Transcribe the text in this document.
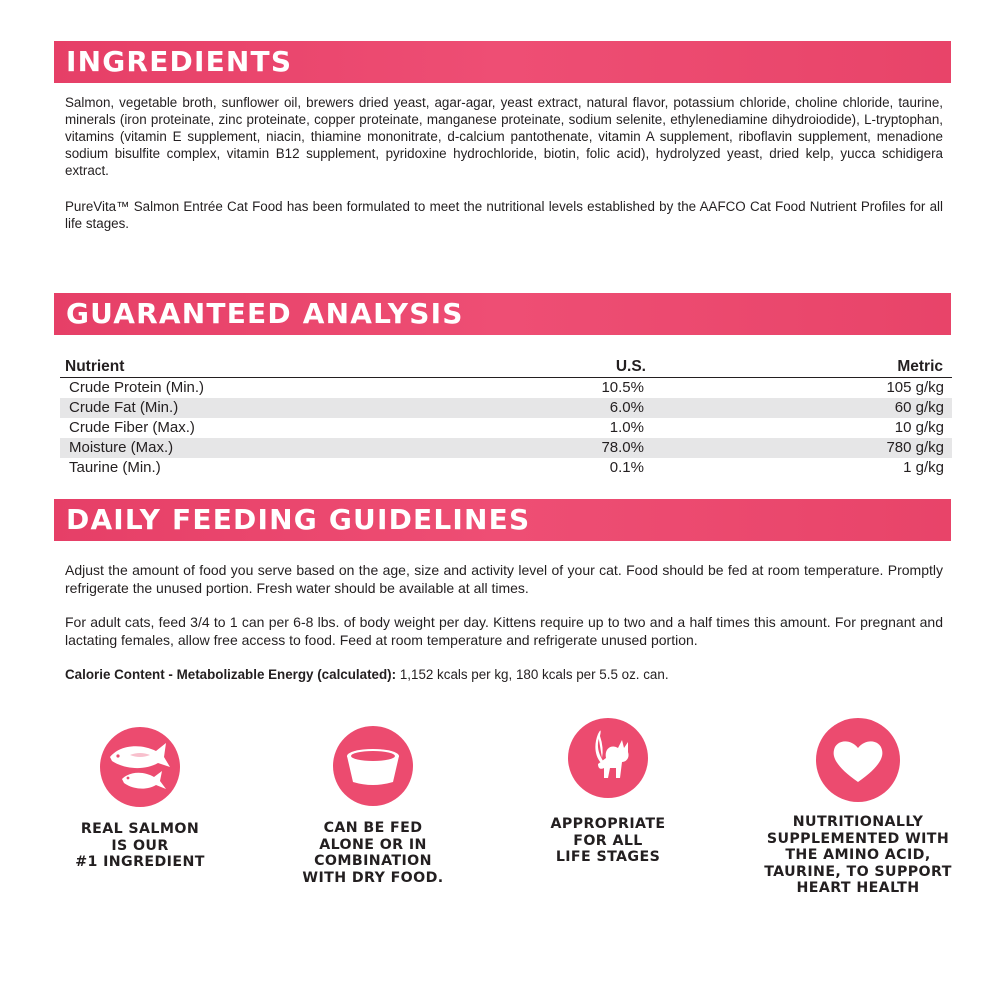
INGREDIENTS

Salmon, vegetable broth, sunflower oil, brewers dried yeast, agar-agar, yeast extract, natural flavor, potassium chloride, choline chloride, taurine, minerals (iron proteinate, zinc proteinate, copper proteinate, manganese proteinate, sodium selenite, ethylenediamine dihydroiodide), L-tryptophan, vitamins (vitamin E supplement, niacin, thiamine mononitrate, d-calcium pantothenate, vitamin A supplement, riboflavin supplement, menadione sodium bisulfite complex, vitamin B12 supplement, pyridoxine hydrochloride, biotin, folic acid), hydrolyzed yeast, dried kelp, yucca schidigera extract.

PureVita™ Salmon Entrée Cat Food has been formulated to meet the nutritional levels established by the AAFCO Cat Food Nutrient Profiles for all life stages.

GUARANTEED ANALYSIS
Nutrient	U.S.	Metric
Crude Protein (Min.)	10.5%	105 g/kg
Crude Fat (Min.)	6.0%	60 g/kg
Crude Fiber (Max.)	1.0%	10 g/kg
Moisture (Max.)	78.0%	780 g/kg
Taurine (Min.)	0.1%	1 g/kg
DAILY FEEDING GUIDELINES

Adjust the amount of food you serve based on the age, size and activity level of your cat. Food should be fed at room temperature. Promptly refrigerate the unused portion. Fresh water should be available at all times.

For adult cats, feed 3/4 to 1 can per 6-8 lbs. of body weight per day. Kittens require up to two and a half times this amount. For pregnant and lactating females, allow free access to food. Feed at room temperature and refrigerate unused portion.

Calorie Content - Metabolizable Energy (calculated): 1,152 kcals per kg, 180 kcals per 5.5 oz. can.

REAL SALMON
IS OUR
#1 INGREDIENT
CAN BE FED
ALONE OR IN
COMBINATION
WITH DRY FOOD.
APPROPRIATE
FOR ALL
LIFE STAGES
NUTRITIONALLY
SUPPLEMENTED WITH
THE AMINO ACID,
TAURINE, TO SUPPORT
HEART HEALTH
